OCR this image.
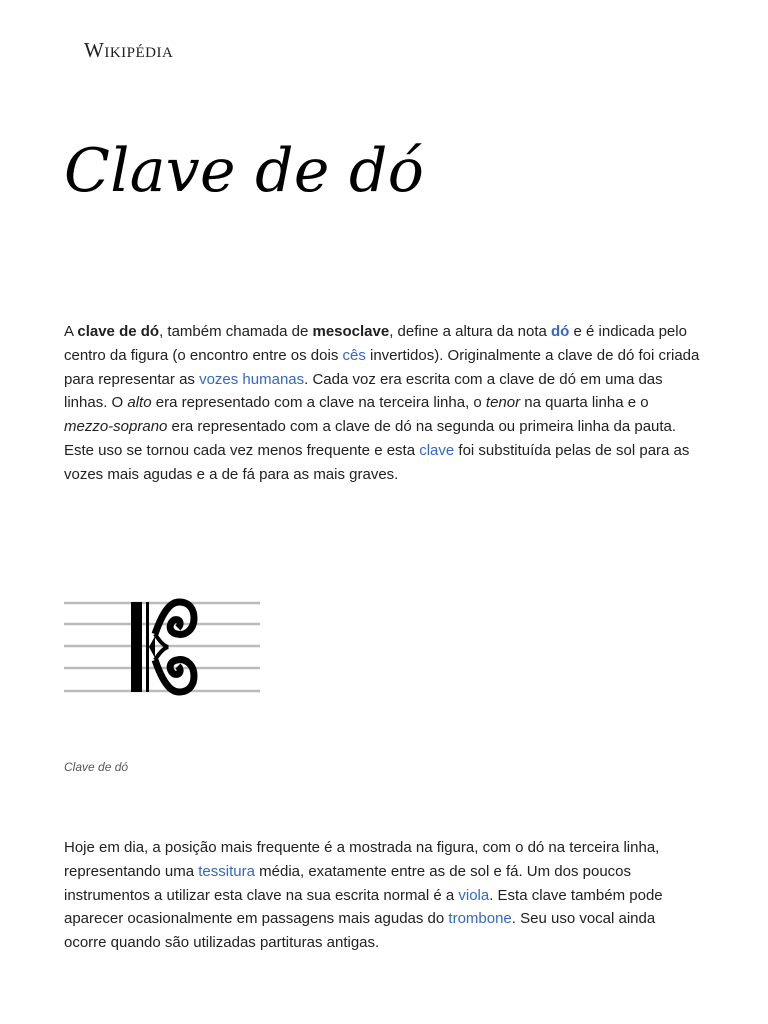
Wikipédia
Clave de dó

A clave de dó, também chamada de mesoclave, define a altura da nota dó e é indicada pelo centro da figura (o encontro entre os dois cês invertidos). Originalmente a clave de dó foi criada para representar as vozes humanas. Cada voz era escrita com a clave de dó em uma das linhas. O alto era representado com a clave na terceira linha, o tenor na quarta linha e o mezzo-soprano era representado com a clave de dó na segunda ou primeira linha da pauta. Este uso se tornou cada vez menos frequente e esta clave foi substituída pelas de sol para as vozes mais agudas e a de fá para as mais graves.

Clave de dó

Hoje em dia, a posição mais frequente é a mostrada na figura, com o dó na terceira linha, representando uma tessitura média, exatamente entre as de sol e fá. Um dos poucos instrumentos a utilizar esta clave na sua escrita normal é a viola. Esta clave também pode aparecer ocasionalmente em passagens mais agudas do trombone. Seu uso vocal ainda ocorre quando são utilizadas partituras antigas.
